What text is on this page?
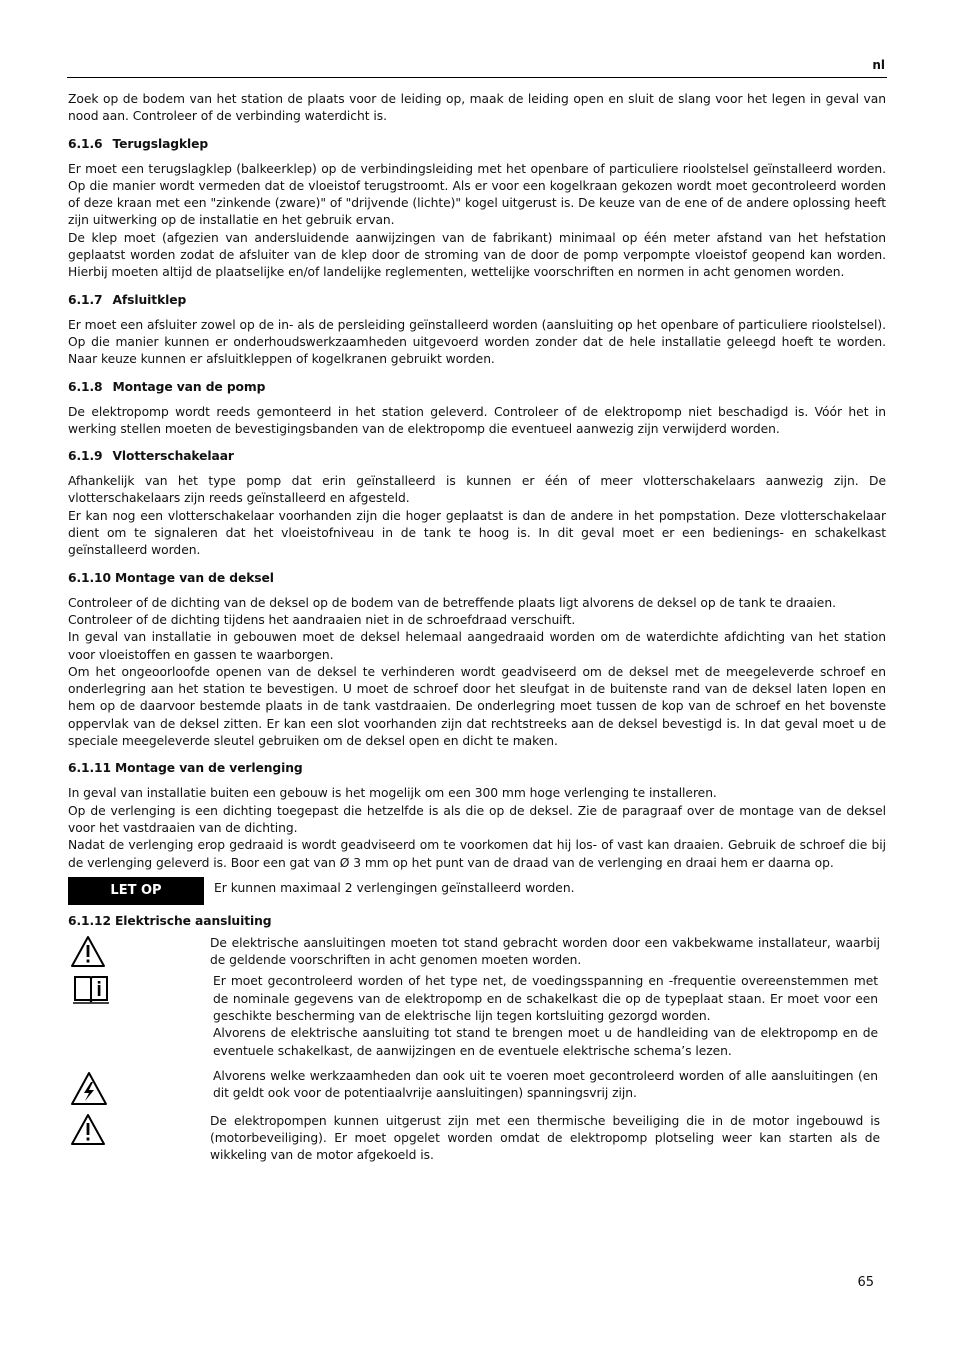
nl

Zoek op de bodem van het station de plaats voor de leiding op, maak de leiding open en sluit de slang voor het legen in geval van nood aan. Controleer of de verbinding waterdicht is.

6.1.6 Terugslagklep

Er moet een terugslagklep (balkeerklep) op de verbindingsleiding met het openbare of particuliere rioolstelsel geïnstalleerd worden. Op die manier wordt vermeden dat de vloeistof terugstroomt. Als er voor een kogelkraan gekozen wordt moet gecontroleerd worden of deze kraan met een "zinkende (zware)" of "drijvende (lichte)" kogel uitgerust is. De keuze van de ene of de andere oplossing heeft zijn uitwerking op de installatie en het gebruik ervan.

De klep moet (afgezien van andersluidende aanwijzingen van de fabrikant) minimaal op één meter afstand van het hefstation geplaatst worden zodat de afsluiter van de klep door de stroming van de door de pomp verpompte vloeistof geopend kan worden. Hierbij moeten altijd de plaatselijke en/of landelijke reglementen, wettelijke voorschriften en normen in acht genomen worden.

6.1.7 Afsluitklep

Er moet een afsluiter zowel op de in- als de persleiding geïnstalleerd worden (aansluiting op het openbare of particuliere rioolstelsel). Op die manier kunnen er onderhoudswerkzaamheden uitgevoerd worden zonder dat de hele installatie geleegd hoeft te worden. Naar keuze kunnen er afsluitkleppen of kogelkranen gebruikt worden.

6.1.8 Montage van de pomp

De elektropomp wordt reeds gemonteerd in het station geleverd. Controleer of de elektropomp niet beschadigd is. Vóór het in werking stellen moeten de bevestigingsbanden van de elektropomp die eventueel aanwezig zijn verwijderd worden.

6.1.9 Vlotterschakelaar

Afhankelijk van het type pomp dat erin geïnstalleerd is kunnen er één of meer vlotterschakelaars aanwezig zijn. De vlotterschakelaars zijn reeds geïnstalleerd en afgesteld.

Er kan nog een vlotterschakelaar voorhanden zijn die hoger geplaatst is dan de andere in het pompstation. Deze vlotterschakelaar dient om te signaleren dat het vloeistofniveau in de tank te hoog is. In dit geval moet er een bedienings- en schakelkast geïnstalleerd worden.

6.1.10 Montage van de deksel

Controleer of de dichting van de deksel op de bodem van de betreffende plaats ligt alvorens de deksel op de tank te draaien.

Controleer of de dichting tijdens het aandraaien niet in de schroefdraad verschuift.

In geval van installatie in gebouwen moet de deksel helemaal aangedraaid worden om de waterdichte afdichting van het station voor vloeistoffen en gassen te waarborgen.

Om het ongeoorloofde openen van de deksel te verhinderen wordt geadviseerd om de deksel met de meegeleverde schroef en onderlegring aan het station te bevestigen. U moet de schroef door het sleufgat in de buitenste rand van de deksel laten lopen en hem op de daarvoor bestemde plaats in de tank vastdraaien. De onderlegring moet tussen de kop van de schroef en het bovenste oppervlak van de deksel zitten. Er kan een slot voorhanden zijn dat rechtstreeks aan de deksel bevestigd is. In dat geval moet u de speciale meegeleverde sleutel gebruiken om de deksel open en dicht te maken.

6.1.11 Montage van de verlenging

In geval van installatie buiten een gebouw is het mogelijk om een 300 mm hoge verlenging te installeren.

Op de verlenging is een dichting toegepast die hetzelfde is als die op de deksel. Zie de paragraaf over de montage van de deksel voor het vastdraaien van de dichting.

Nadat de verlenging erop gedraaid is wordt geadviseerd om te voorkomen dat hij los- of vast kan draaien. Gebruik de schroef die bij de verlenging geleverd is. Boor een gat van Ø 3 mm op het punt van de draad van de verlenging en draai hem er daarna op.

LET OP	Er kunnen maximaal 2 verlengingen geïnstalleerd worden.
6.1.12 Elektrische aansluiting
De elektrische aansluitingen moeten tot stand gebracht worden door een vakbekwame installateur, waarbij de geldende voorschriften in acht genomen moeten worden.

Er moet gecontroleerd worden of het type net, de voedingsspanning en -frequentie overeenstemmen met de nominale gegevens van de elektropomp en de schakelkast die op de typeplaat staan. Er moet voor een geschikte bescherming van de elektrische lijn tegen kortsluiting gezorgd worden.

Alvorens de elektrische aansluiting tot stand te brengen moet u de handleiding van de elektropomp en de eventuele schakelkast, de aanwijzingen en de eventuele elektrische schema’s lezen.

Alvorens welke werkzaamheden dan ook uit te voeren moet gecontroleerd worden of alle aansluitingen (en dit geldt ook voor de potentiaalvrije aansluitingen) spanningsvrij zijn.
De elektropompen kunnen uitgerust zijn met een thermische beveiliging die in de motor ingebouwd is (motorbeveiliging). Er moet opgelet worden omdat de elektropomp plotseling weer kan starten als de wikkeling van de motor afgekoeld is.
65
